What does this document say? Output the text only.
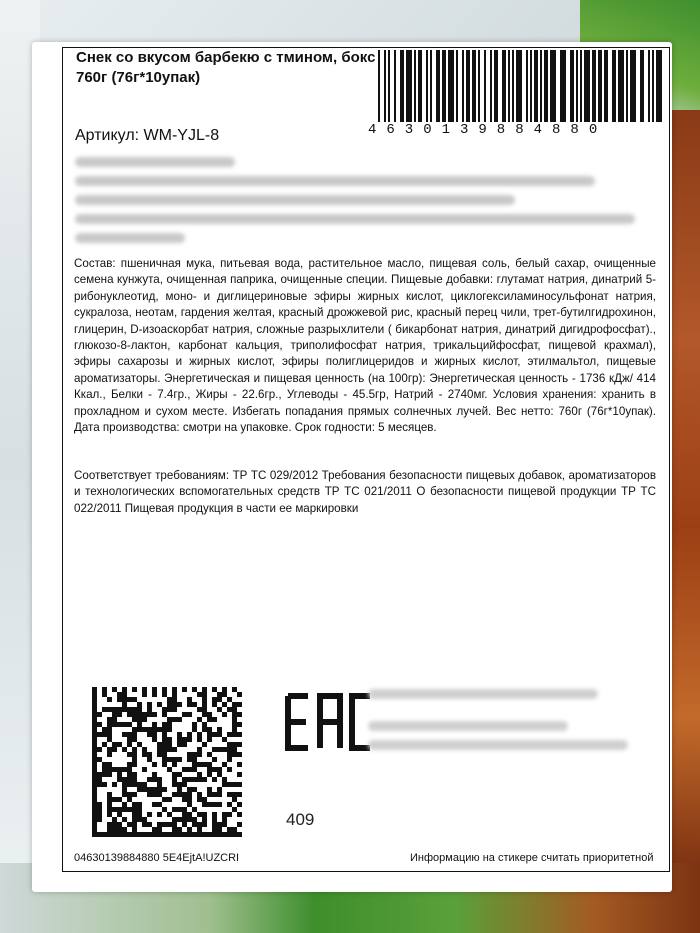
Снек со вкусом барбекю с тмином, бокс 760г (76г*10упак)
4630139884880
Артикул: WM-YJL-8
Состав: пшеничная мука, питьевая вода, растительное масло, пищевая соль, белый сахар, очищенные семена кунжута, очищенная паприка, очищенные специи. Пищевые добавки: глутамат натрия, динатрий 5-рибонуклеотид, моно- и диглицериновые эфиры жирных кислот, циклогексиламиносульфонат натрия, сукралоза, неотам, гардения желтая, красный дрожжевой рис, красный перец чили, трет-бутилгидрохинон, глицерин, D-изоаскорбат натрия, сложные разрыхлители ( бикарбонат натрия, динатрий дигидрофосфат)., глюкозо-8-лактон, карбонат кальция, триполифосфат натрия, трикальцийфосфат, пищевой крахмал), эфиры сахарозы и жирных кислот, эфиры полиглицеридов и жирных кислот, этилмальтол, пищевые ароматизаторы. Энергетическая и пищевая ценность (на 100гр): Энергетическая ценность - 1736 кДж/ 414 Ккал., Белки - 7.4гр., Жиры - 22.6гр., Углеводы - 45.5гр, Натрий - 2740мг. Условия хранения: хранить в прохладном и сухом месте. Избегать попадания прямых солнечных лучей. Вес нетто: 760г (76г*10упак). Дата производства: смотри на упаковке. Срок годности: 5 месяцев.
Соответствует требованиям: ТР ТС 029/2012 Требования безопасности пищевых добавок, ароматизаторов и технологических вспомогательных средств ТР ТС 021/2011 О безопасности пищевой продукции ТР ТС 022/2011 Пищевая продукция в части ее маркировки
409
04630139884880 5E4EjtA!UZCRI	Информацию на стикере считать приоритетной
